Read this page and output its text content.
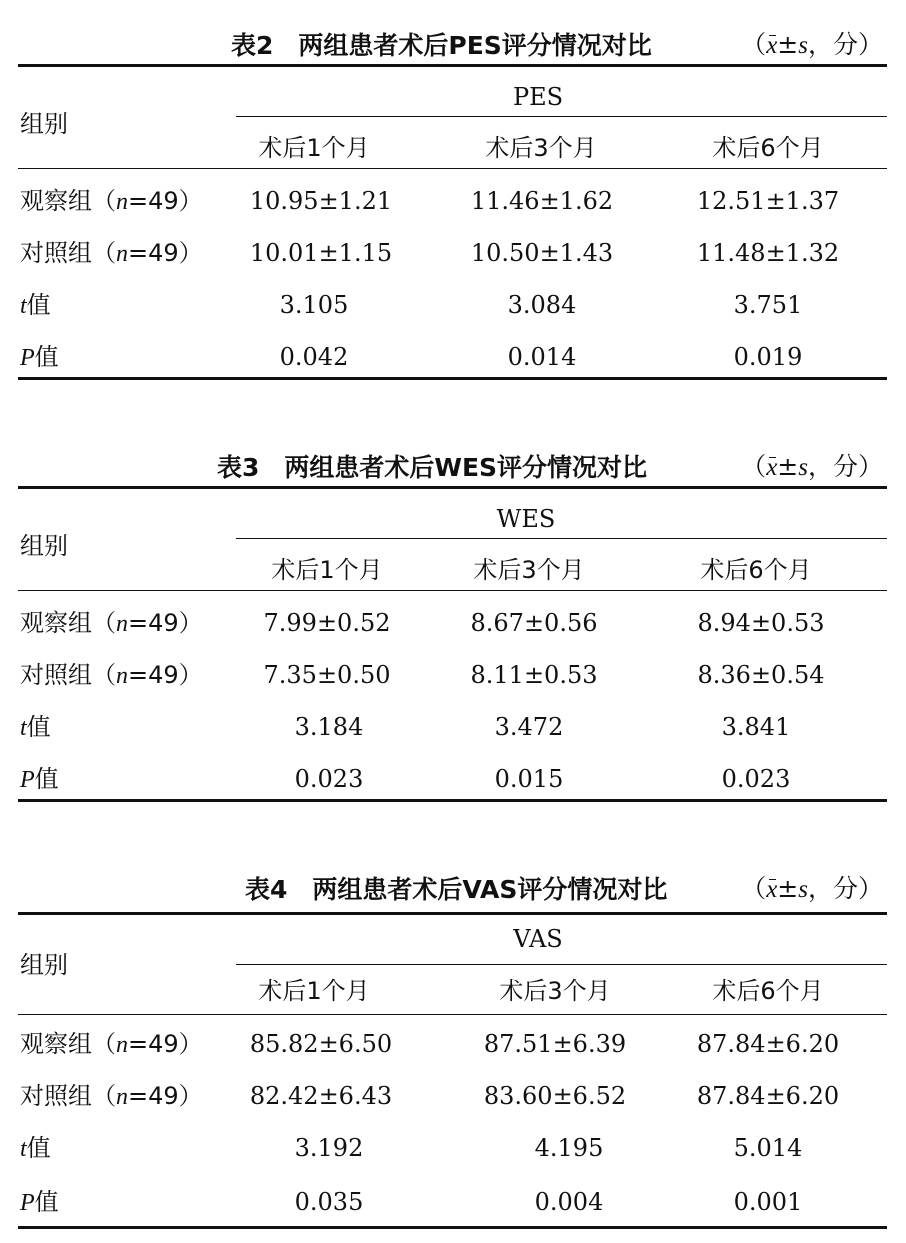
表2　两组患者术后PES评分情况对比	（x±s，分）
组别
PES
术后1个月	术后3个月	术后6个月
观察组（n=49） 10.95±1.21	11.46±1.62	12.51±1.37
对照组（n=49） 10.01±1.15	10.50±1.43	11.48±1.32
t值	3.105	3.084	3.751
P值	0.042	0.014	0.019
表3　两组患者术后WES评分情况对比	（x±s，分）
组别
WES
术后1个月	术后3个月	术后6个月
观察组（n=49）	7.99±0.52	8.67±0.56	8.94±0.53
对照组（n=49）	7.35±0.50	8.11±0.53	8.36±0.54
t值	3.184	3.472	3.841
P值	0.023	0.015	0.023
表4　两组患者术后VAS评分情况对比	（x±s，分）
组别
VAS
术后1个月	术后3个月	术后6个月
观察组（n=49） 85.82±6.50	87.51±6.39	87.84±6.20
对照组（n=49） 82.42±6.43	83.60±6.52	87.84±6.20
t值	3.192	4.195	5.014
P值	0.035	0.004	0.001
